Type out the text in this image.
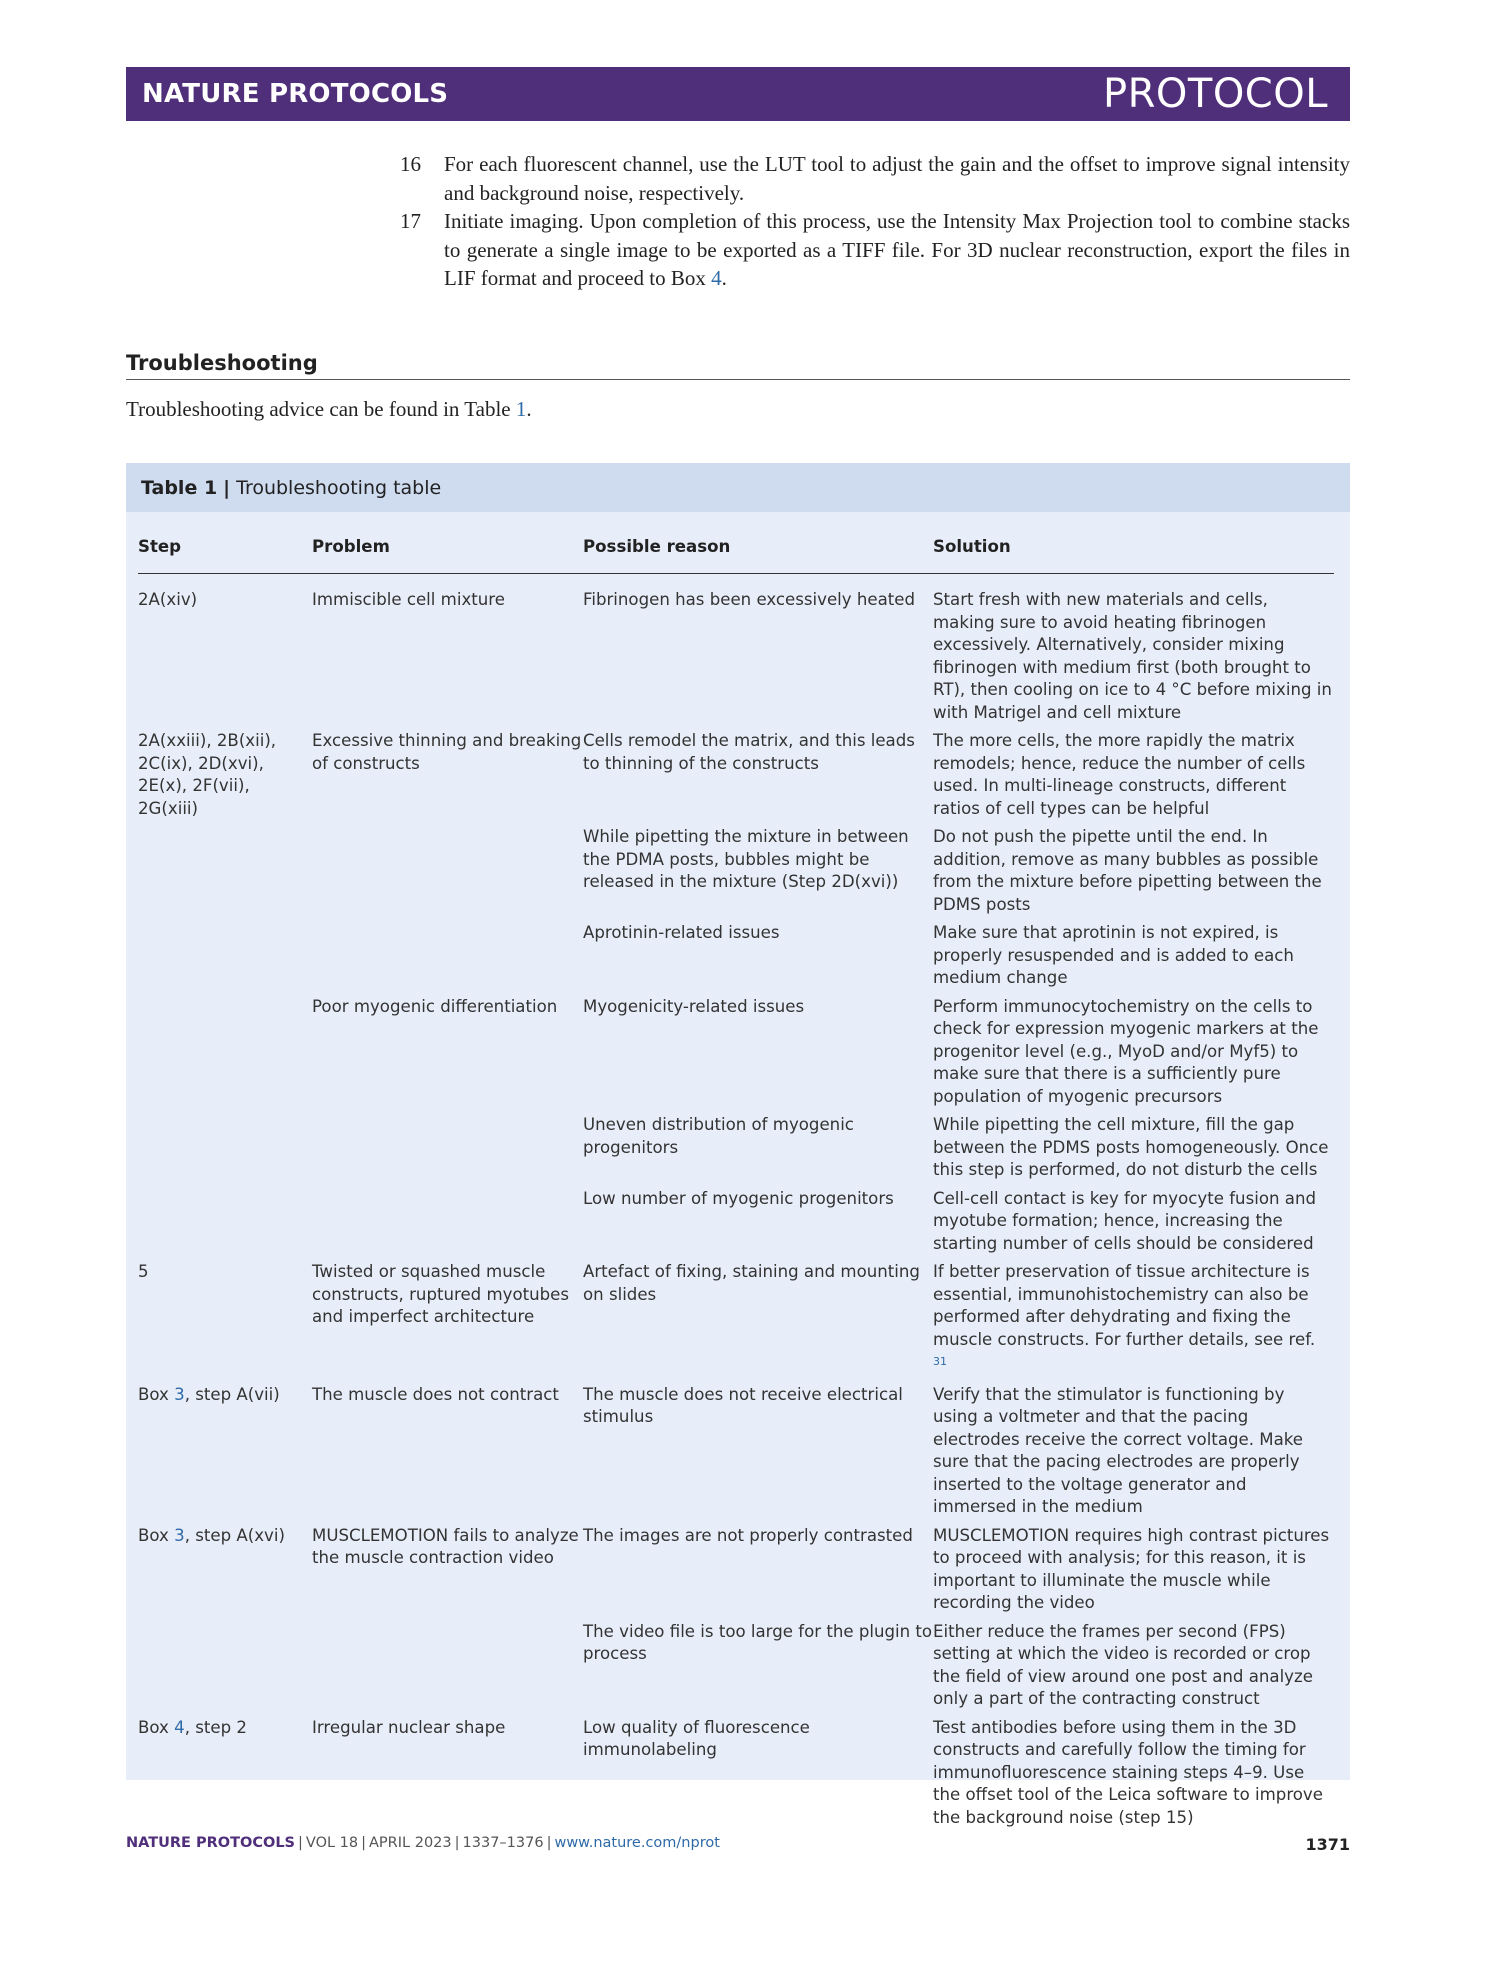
NATURE PROTOCOLS	PROTOCOL
16	For each fluorescent channel, use the LUT tool to adjust the gain and the offset to improve signal intensity and background noise, respectively.
17	Initiate imaging. Upon completion of this process, use the Intensity Max Projection tool to combine stacks to generate a single image to be exported as a TIFF file. For 3D nuclear reconstruction, export the files in LIF format and proceed to Box 4.
Troubleshooting
Troubleshooting advice can be found in Table 1.
Table 1 | Troubleshooting table
Step	Problem	Possible reason	Solution
2A(xiv)	Immiscible cell mixture	Fibrinogen has been excessively heated	Start fresh with new materials and cells, making sure to avoid heating fibrinogen excessively. Alternatively, consider mixing fibrinogen with medium first (both brought to RT), then cooling on ice to 4 °C before mixing in with Matrigel and cell mixture
2A(xxiii), 2B(xii), 2C(ix), 2D(xvi), 2E(x), 2F(vii), 2G(xiii)	Excessive thinning and breaking of constructs	Cells remodel the matrix, and this leads to thinning of the constructs	The more cells, the more rapidly the matrix remodels; hence, reduce the number of cells used. In multi-lineage constructs, different ratios of cell types can be helpful
		While pipetting the mixture in between the PDMA posts, bubbles might be released in the mixture (Step 2D(xvi))	Do not push the pipette until the end. In addition, remove as many bubbles as possible from the mixture before pipetting between the PDMS posts
		Aprotinin-related issues	Make sure that aprotinin is not expired, is properly resuspended and is added to each medium change
	Poor myogenic differentiation	Myogenicity-related issues	Perform immunocytochemistry on the cells to check for expression myogenic markers at the progenitor level (e.g., MyoD and/or Myf5) to make sure that there is a sufficiently pure population of myogenic precursors
		Uneven distribution of myogenic progenitors	While pipetting the cell mixture, fill the gap between the PDMS posts homogeneously. Once this step is performed, do not disturb the cells
		Low number of myogenic progenitors	Cell-cell contact is key for myocyte fusion and myotube formation; hence, increasing the starting number of cells should be considered
5	Twisted or squashed muscle constructs, ruptured myotubes and imperfect architecture	Artefact of fixing, staining and mounting on slides	If better preservation of tissue architecture is essential, immunohistochemistry can also be performed after dehydrating and fixing the muscle constructs. For further details, see ref. $^{31}$
Box 3, step A(vii)	The muscle does not contract	The muscle does not receive electrical stimulus	Verify that the stimulator is functioning by using a voltmeter and that the pacing electrodes receive the correct voltage. Make sure that the pacing electrodes are properly inserted to the voltage generator and immersed in the medium
Box 3, step A(xvi)	MUSCLEMOTION fails to analyze the muscle contraction video	The images are not properly contrasted	MUSCLEMOTION requires high contrast pictures to proceed with analysis; for this reason, it is important to illuminate the muscle while recording the video
		The video file is too large for the plugin to process	Either reduce the frames per second (FPS) setting at which the video is recorded or crop the field of view around one post and analyze only a part of the contracting construct
Box 4, step 2	Irregular nuclear shape	Low quality of fluorescence immunolabeling	Test antibodies before using them in the 3D constructs and carefully follow the timing for immunofluorescence staining steps 4–9. Use the offset tool of the Leica software to improve the background noise (step 15)
NATURE PROTOCOLS | VOL 18 | APRIL 2023 | 1337–1376 | www.nature.com/nprot	1371
